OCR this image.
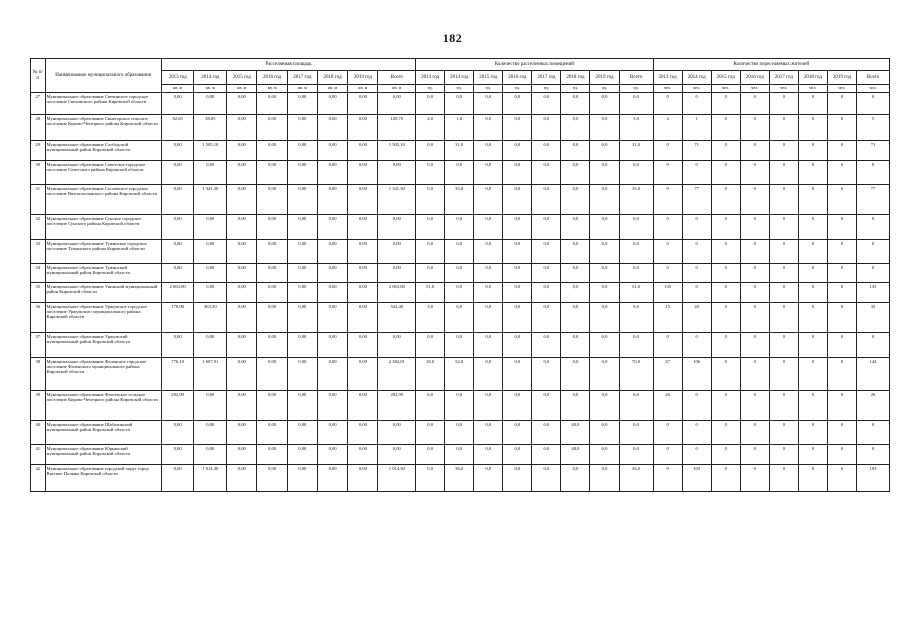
182
№ п/п	Наименование муниципального образования	Расселяемая площадь								Количество расселенных помещений								Количество переселяемых жителей							
		2013 год	2014 год	2015 год	2016 год	2017 год	2018 год	2019 год	Всего	2013 год	2014 год	2015 год	2016 год	2017 год	2018 год	2019 год	Всего	2013 год	2014 год	2015 год	2016 год	2017 год	2018 год	2019 год	Всего
		кв. м	кв. м	кв. м	кв. м	кв. м	кв. м	кв. м	кв. м	ед.	ед.	ед.	ед.	ед.	ед.	ед.	ед.	чел.	чел.	чел.	чел.	чел.	чел.	чел.	чел.
27	Муниципальное образование Свечинское городское поселение Свечинского района Кировской области	0,00	0,00	0,00	0,00	0,00	0,00	0,00	0,00	0,0	0,0	0,0	0,0	0,0	0,0	0,0	0,0	0	0	0	0	0	0	0	0
28	Муниципальное образование Синегорское сельское поселение Кирово-Чепецкого района Кировской области	82,65	38,05	0,00	0,00	0,00	0,00	0,00	120,70	2,0	1,0	0,0	0,0	0,0	0,0	0,0	3,0	4	1	0	0	0	0	0	5
29	Муниципальное образование Слободской муниципальный район Кировской области	0,00	1 505,10	0,00	0,00	0,00	0,00	0,00	1 505,10	0,0	31,0	0,0	0,0	0,0	0,0	0,0	31,0	0	71	0	0	0	0	0	71
30	Муниципальное образование Советское городское поселение Советского района Кировской области	0,00	0,00	0,00	0,00	0,00	0,00	0,00	0,00	0,0	0,0	0,0	0,0	0,0	0,0	0,0	0,0	0	0	0	0	0	0	0	0
31	Муниципальное образование Сосновское городское поселение Вятскополянского района Кировской области	0,00	1 341,30	0,00	0,00	0,00	0,00	0,00	1 341,30	0,0	35,0	0,0	0,0	0,0	0,0	0,0	35,0	0	77	0	0	0	0	0	77
32	Муниципальное образование Сунское городское поселение Сунского района Кировской области	0,00	0,00	0,00	0,00	0,00	0,00	0,00	0,00	0,0	0,0	0,0	0,0	0,0	0,0	0,0	0,0	0	0	0	0	0	0	0	0
33	Муниципальное образование Тужинское городское поселение Тужинского района Кировской области	0,00	0,00	0,00	0,00	0,00	0,00	0,00	0,00	0,0	0,0	0,0	0,0	0,0	0,0	0,0	0,0	0	0	0	0	0	0	0	0
34	Муниципальное образование Тужинский муниципальный район Кировской области	0,00	0,00	0,00	0,00	0,00	0,00	0,00	0,00	0,0	0,0	0,0	0,0	0,0	0,0	0,0	0,0	0	0	0	0	0	0	0	0
35	Муниципальное образование Унинский муниципальный район Кировской области	2 063,00	0,00	0,00	0,00	0,00	0,00	0,00	2 063,00	51,0	0,0	0,0	0,0	0,0	0,0	0,0	51,0	135	0	0	0	0	0	0	135
36	Муниципальное образование Уржумское городское поселение Уржумского муниципального района Кировской области	178,90	363,50	0,00	0,00	0,00	0,00	0,00	542,40	3,0	6,0	0,0	0,0	0,0	0,0	0,0	9,0	15	20	0	0	0	0	0	35
37	Муниципальное образование Уржумский муниципальный район Кировской области	0,00	0,00	0,00	0,00	0,00	0,00	0,00	0,00	0,0	0,0	0,0	0,0	0,0	0,0	0,0	0,0	0	0	0	0	0	0	0	0
38	Муниципальное образование Фаленское городское поселение Фаленского муниципального района Кировской области	776,10	1 607,91	0,00	0,00	0,00	0,00	0,00	2 384,01	18,0	52,0	0,0	0,0	0,0	0,0	0,0	70,0	37	106	0	0	0	0	0	144
39	Муниципальное образование Фатеевское сельское поселение Кирово-Чепецкого района Кировской области	282,99	0,00	0,00	0,00	0,00	0,00	0,00	282,99	6,0	0,0	0,0	0,0	0,0	0,0	0,0	6,0	26	0	0	0	0	0	0	26
40	Муниципальное образование Шабалинский муниципальный район Кировской области	0,00	0,00	0,00	0,00	0,00	0,00	0,00	0,00	0,0	0,0	0,0	0,0	0,0	40,0	0,0	0,0	0	0	0	0	0	0	0	0
41	Муниципальное образование Юрьянский муниципальный район Кировской области	0,00	0,00	0,00	0,00	0,00	0,00	0,00	0,00	0,0	0,0	0,0	0,0	0,0	48,0	0,0	0,0	0	0	0	0	0	0	0	0
42	Муниципальное образование городской округ город Вятские Поляны Кировской области	0,00	1 014,30	0,00	0,00	0,00	0,00	0,00	1 014,30	0,0	36,0	0,0	0,0	0,0	0,0	0,0	36,0	0	103	0	0	0	0	0	103
